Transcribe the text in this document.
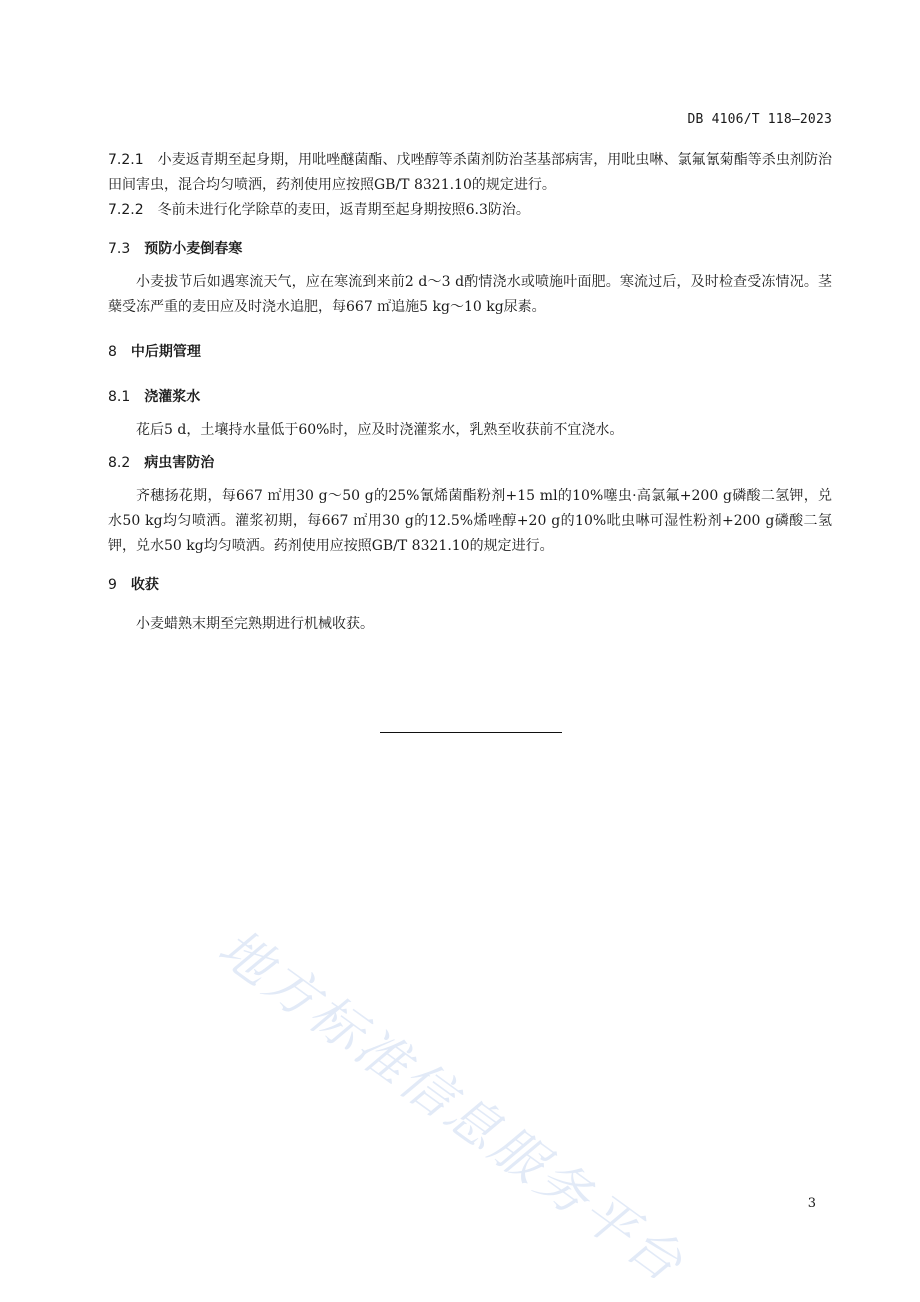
DB 4106/T 118—2023

7.2.1 小麦返青期至起身期，用吡唑醚菌酯、戊唑醇等杀菌剂防治茎基部病害，用吡虫啉、氯氟氰菊酯等杀虫剂防治田间害虫，混合均匀喷洒，药剂使用应按照GB/T 8321.10的规定进行。

7.2.2 冬前未进行化学除草的麦田，返青期至起身期按照6.3防治。

7.3 预防小麦倒春寒

小麦拔节后如遇寒流天气，应在寒流到来前2 d～3 d酌情浇水或喷施叶面肥。寒流过后，及时检查受冻情况。茎蘖受冻严重的麦田应及时浇水追肥，每667 ㎡追施5 kg～10 kg尿素。

8 中后期管理
8.1 浇灌浆水

花后5 d，土壤持水量低于60%时，应及时浇灌浆水，乳熟至收获前不宜浇水。

8.2 病虫害防治

齐穗扬花期，每667 ㎡用30 g～50 g的25%氰烯菌酯粉剂+15 ml的10%噻虫·高氯氟+200 g磷酸二氢钾，兑水50 kg均匀喷洒。灌浆初期，每667 ㎡用30 g的12.5%烯唑醇+20 g的10%吡虫啉可湿性粉剂+200 g磷酸二氢钾，兑水50 kg均匀喷洒。药剂使用应按照GB/T 8321.10的规定进行。

9 收获

小麦蜡熟末期至完熟期进行机械收获。

地方标准信息服务平台	3
